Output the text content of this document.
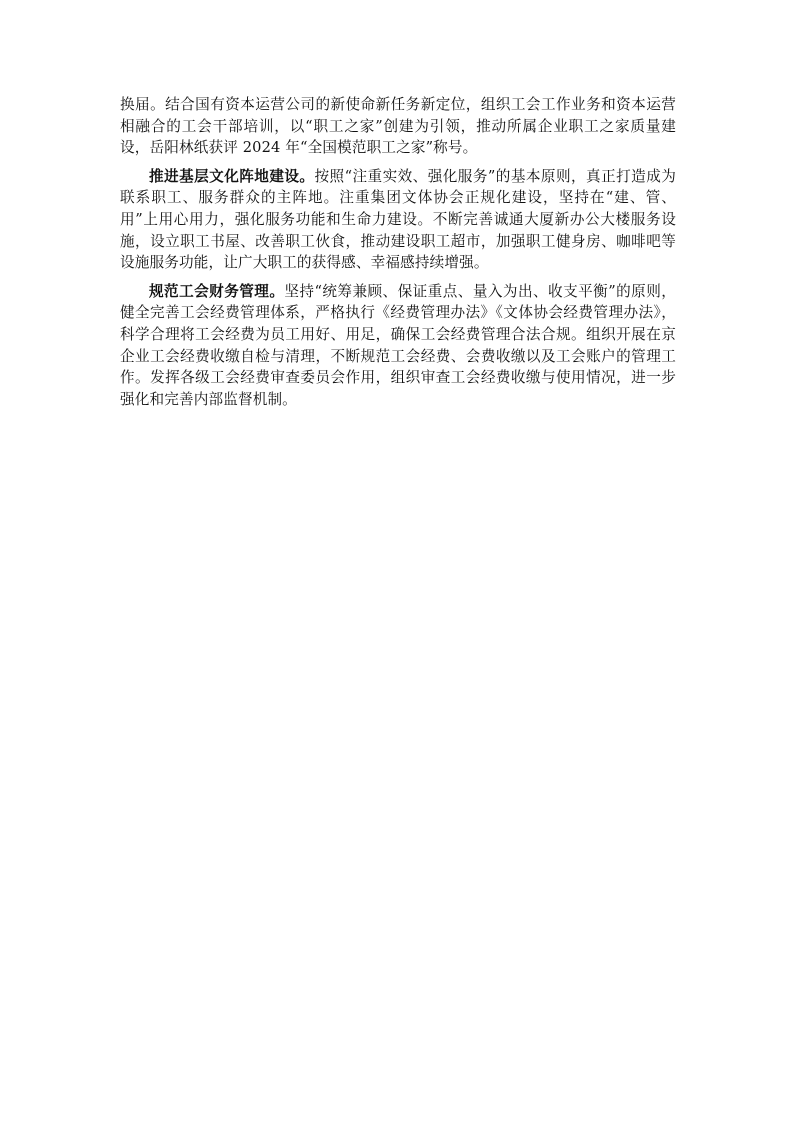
换届。结合国有资本运营公司的新使命新任务新定位，组织工会工作业务和资本运营相融合的工会干部培训，以“职工之家”创建为引领，推动所属企业职工之家质量建设，岳阳林纸获评 2024 年“全国模范职工之家”称号。

推进基层文化阵地建设。按照“注重实效、强化服务”的基本原则，真正打造成为联系职工、服务群众的主阵地。注重集团文体协会正规化建设，坚持在“建、管、用”上用心用力，强化服务功能和生命力建设。不断完善诚通大厦新办公大楼服务设施，设立职工书屋、改善职工伙食，推动建设职工超市，加强职工健身房、咖啡吧等设施服务功能，让广大职工的获得感、幸福感持续增强。

规范工会财务管理。坚持“统筹兼顾、保证重点、量入为出、收支平衡”的原则，健全完善工会经费管理体系，严格执行《经费管理办法》《文体协会经费管理办法》，科学合理将工会经费为员工用好、用足，确保工会经费管理合法合规。组织开展在京企业工会经费收缴自检与清理，不断规范工会经费、会费收缴以及工会账户的管理工作。发挥各级工会经费审查委员会作用，组织审查工会经费收缴与使用情况，进一步强化和完善内部监督机制。
